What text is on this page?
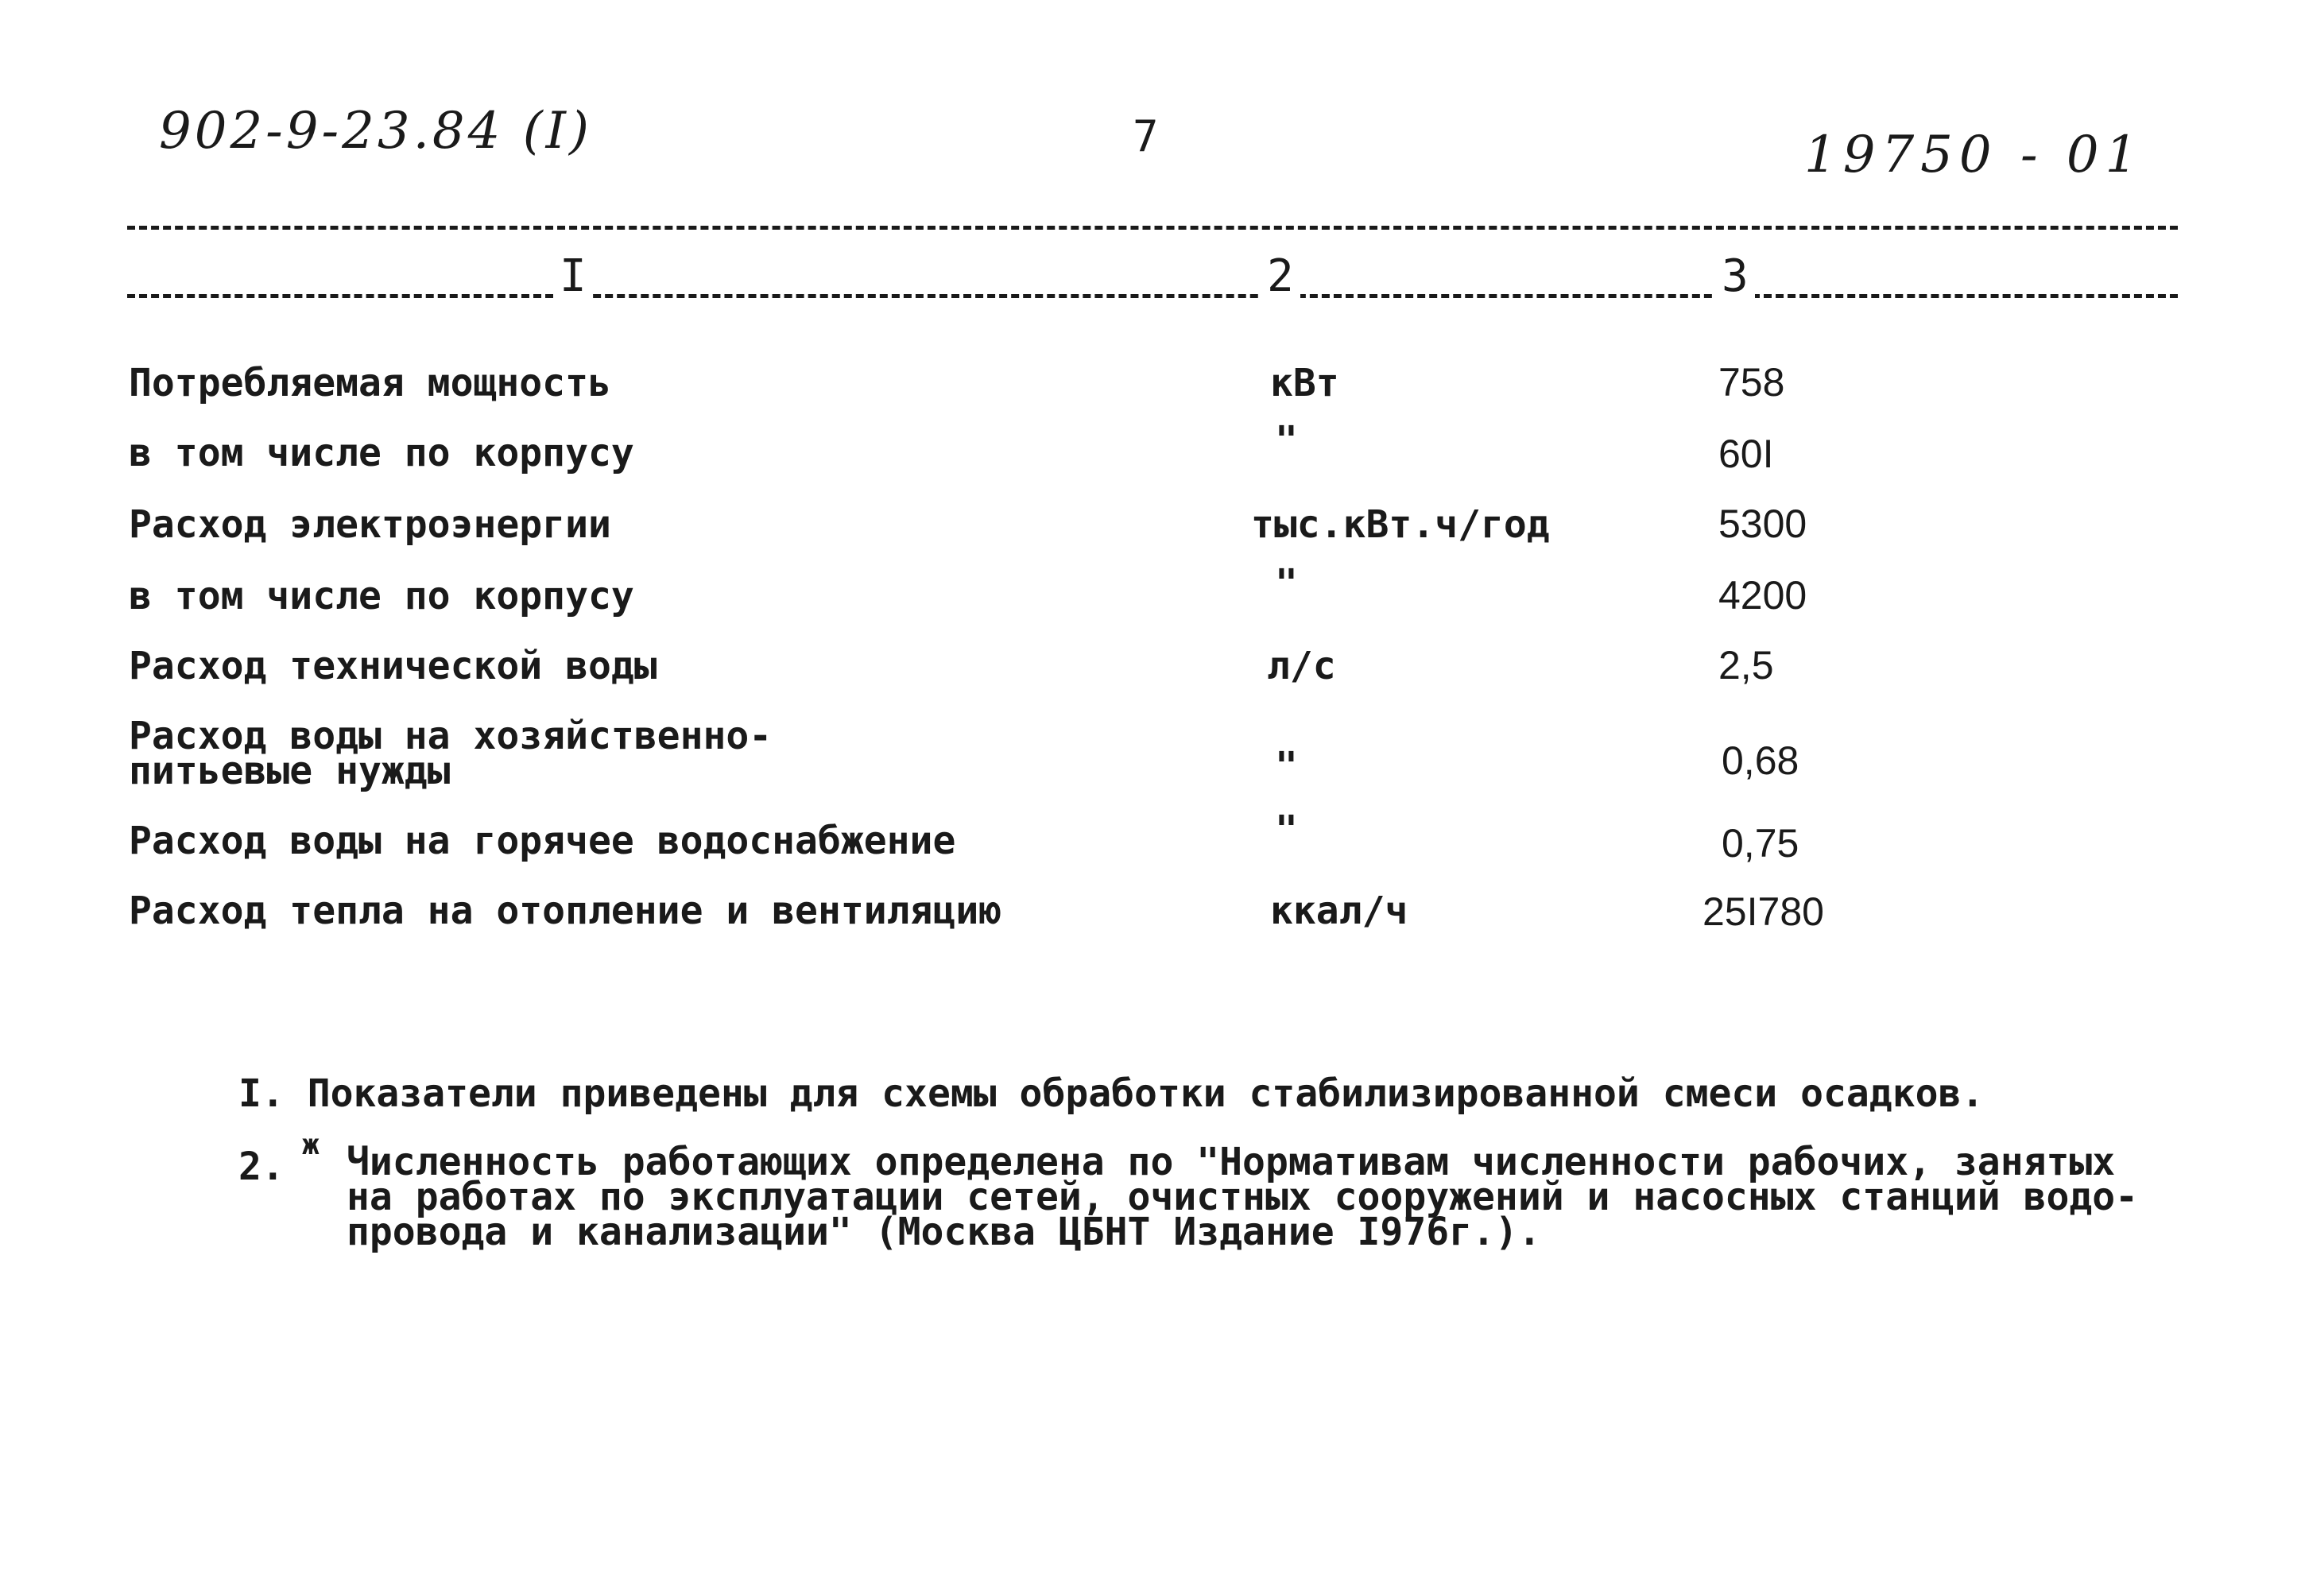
902-9-23.84 (I)	7	19750 - 01
I	2	3
Потребляемая мощность	кВт	758
в том числе по корпусу	"	60I
Расход электроэнергии	тыс.кВт.ч/год	5300
в том числе по корпусу	"	4200
Расход технической воды	л/с	2,5
Расход воды на хозяйственно-
питьевые нужды	"	0,68
Расход воды на горячее водоснабжение	"	0,75
Расход тепла на отопление и вентиляцию	ккал/ч	25I780
I. Показатели приведены для схемы обработки стабилизированной смеси осадков.
2. ж Численность работающих определена по "Нормативам численности рабочих, занятых
на работах по эксплуатации сетей, очистных сооружений и насосных станций водо-
провода и канализации" (Москва ЦБНТ Издание I976г.).
